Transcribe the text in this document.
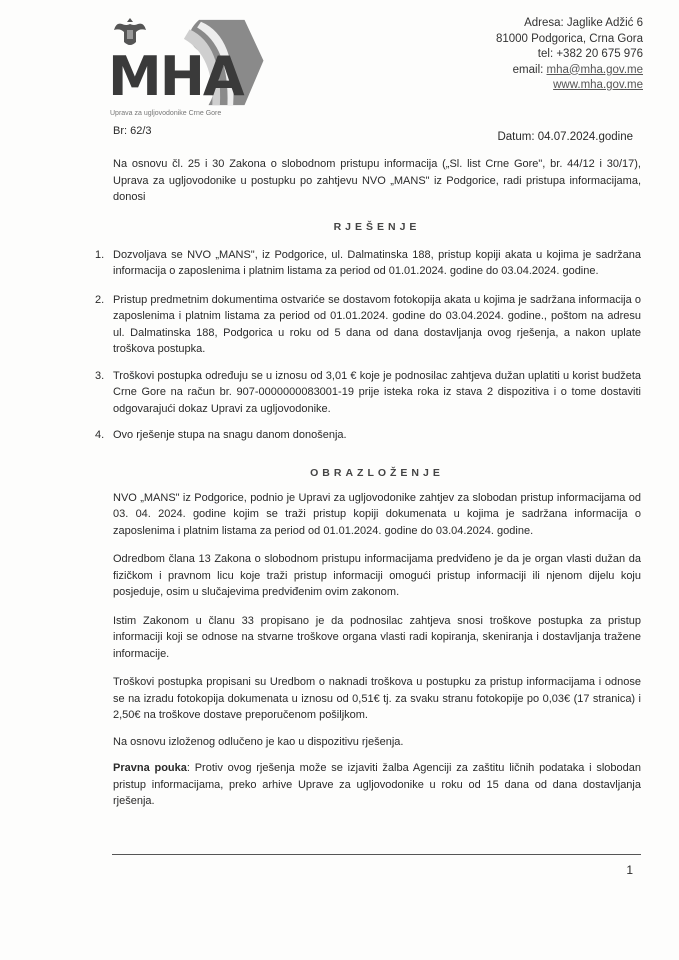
MHA
Uprava za ugljovodonike Crne Gore
Adresa: Jaglike Adžić 6
81000 Podgorica, Crna Gora
tel: +382 20 675 976
email: mha@mha.gov.me
www.mha.gov.me
Br: 62/3	Datum: 04.07.2024.godine

Na osnovu čl. 25 i 30 Zakona o slobodnom pristupu informacija („Sl. list Crne Gore", br. 44/12 i 30/17), Uprava za ugljovodonike u postupku po zahtjevu NVO „MANS" iz Podgorice, radi pristupa informacijama, donosi

RJEŠENJE
1. Dozvoljava se NVO „MANS", iz Podgorice, ul. Dalmatinska 188, pristup kopiji akata u kojima je sadržana informacija o zaposlenima i platnim listama za period od 01.01.2024. godine do 03.04.2024. godine.
2. Pristup predmetnim dokumentima ostvariće se dostavom fotokopija akata u kojima je sadržana informacija o zaposlenima i platnim listama za period od 01.01.2024. godine do 03.04.2024. godine., poštom na adresu ul. Dalmatinska 188, Podgorica u roku od 5 dana od dana dostavljanja ovog rješenja, a nakon uplate troškova postupka.
3. Troškovi postupka određuju se u iznosu od 3,01 € koje je podnosilac zahtjeva dužan uplatiti u korist budžeta Crne Gore na račun br. 907-0000000083001-19 prije isteka roka iz stava 2 dispozitiva i o tome dostaviti odgovarajući dokaz Upravi za ugljovodonike.
4. Ovo rješenje stupa na snagu danom donošenja.
OBRAZLOŽENJE

NVO „MANS" iz Podgorice, podnio je Upravi za ugljovodonike zahtjev za slobodan pristup informacijama od 03. 04. 2024. godine kojim se traži pristup kopiji dokumenata u kojima je sadržana informacija o zaposlenima i platnim listama za period od 01.01.2024. godine do 03.04.2024. godine.

Odredbom člana 13 Zakona o slobodnom pristupu informacijama predviđeno je da je organ vlasti dužan da fizičkom i pravnom licu koje traži pristup informaciji omogući pristup informaciji ili njenom dijelu koju posjeduje, osim u slučajevima predviđenim ovim zakonom.

Istim Zakonom u članu 33 propisano je da podnosilac zahtjeva snosi troškove postupka za pristup informaciji koji se odnose na stvarne troškove organa vlasti radi kopiranja, skeniranja i dostavljanja tražene informacije.

Troškovi postupka propisani su Uredbom o naknadi troškova u postupku za pristup informacijama i odnose se na izradu fotokopija dokumenata u iznosu od 0,51€ tj. za svaku stranu fotokopije po 0,03€ (17 stranica) i 2,50€ na troškove dostave preporučenom pošiljkom.

Na osnovu izloženog odlučeno je kao u dispozitivu rješenja.

Pravna pouka: Protiv ovog rješenja može se izjaviti žalba Agenciji za zaštitu ličnih podataka i slobodan pristup informacijama, preko arhive Uprave za ugljovodonike u roku od 15 dana od dana dostavljanja rješenja.

1
